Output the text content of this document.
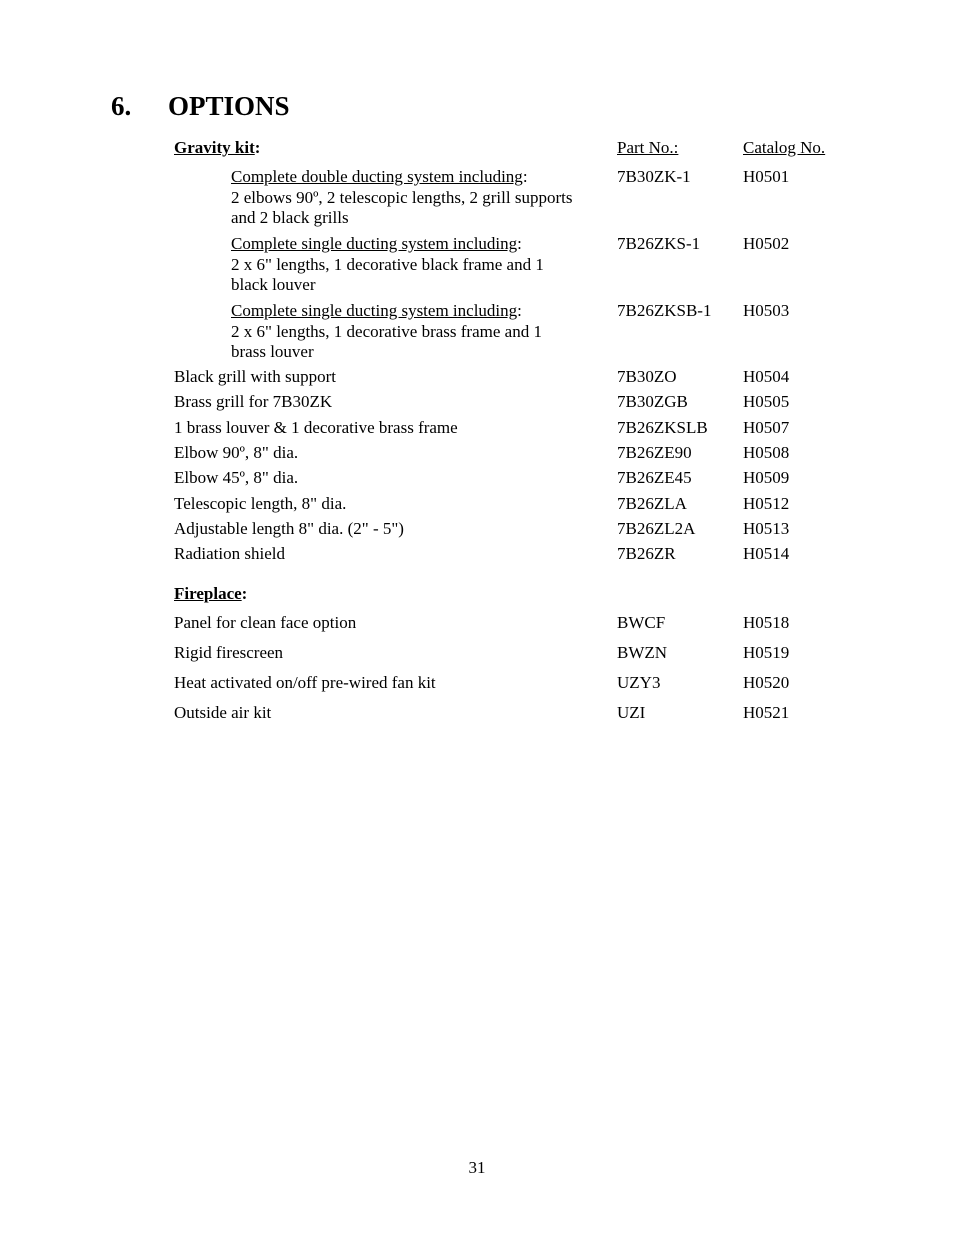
6. OPTIONS
Gravity kit:	Part No.:	Catalog No.
Complete double ducting system including:
2 elbows 90º, 2 telescopic lengths, 2 grill supports
and 2 black grills
7B30ZK-1	H0501
Complete single ducting system including:
2 x 6" lengths, 1 decorative black frame and 1
black louver
7B26ZKS-1	H0502
Complete single ducting system including:
2 x 6" lengths, 1 decorative brass frame and 1
brass louver
7B26ZKSB-1 H0503
Black grill with support	7B30ZO	H0504
Brass grill for 7B30ZK	7B30ZGB	H0505
1 brass louver & 1 decorative brass frame	7B26ZKSLB H0507
Elbow 90º, 8" dia.	7B26ZE90	H0508
Elbow 45º, 8" dia.	7B26ZE45	H0509
Telescopic length, 8" dia.	7B26ZLA	H0512
Adjustable length 8" dia. (2" - 5")	7B26ZL2A	H0513
Radiation shield	7B26ZR	H0514
Fireplace:
Panel for clean face option	BWCF	H0518
Rigid firescreen	BWZN	H0519
Heat activated on/off pre-wired fan kit	UZY3	H0520
Outside air kit	UZI	H0521
31
